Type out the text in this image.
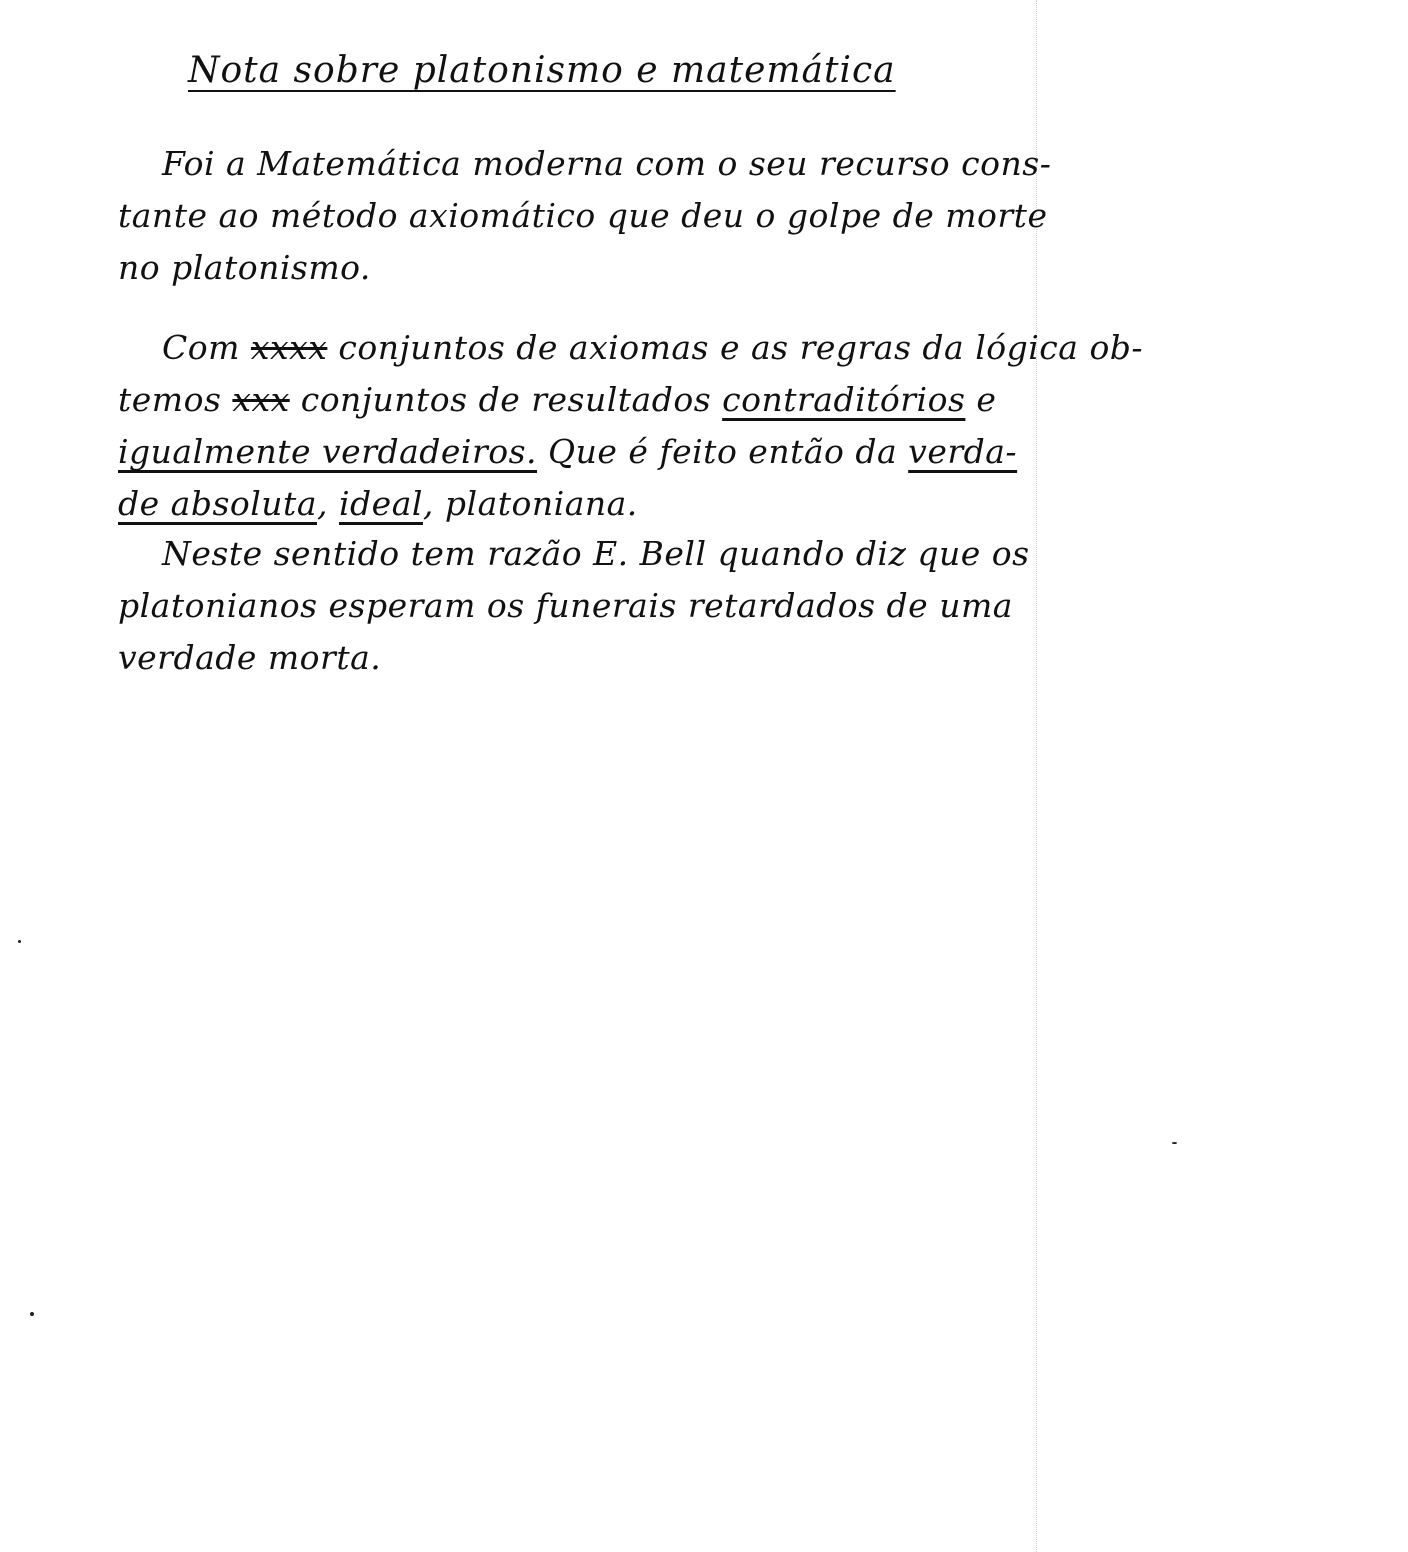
Nota sobre platonismo e matemática
Foi a Matemática moderna com o seu recurso cons-
tante ao método axiomático que deu o golpe de morte
no platonismo.
Com xxxx conjuntos de axiomas e as regras da lógica ob-
temos xxx conjuntos de resultados contraditórios e
igualmente verdadeiros. Que é feito então da verda-
de absoluta, ideal, platoniana.
Neste sentido tem razão E. Bell quando diz que os
platonianos esperam os funerais retardados de uma
verdade morta.
